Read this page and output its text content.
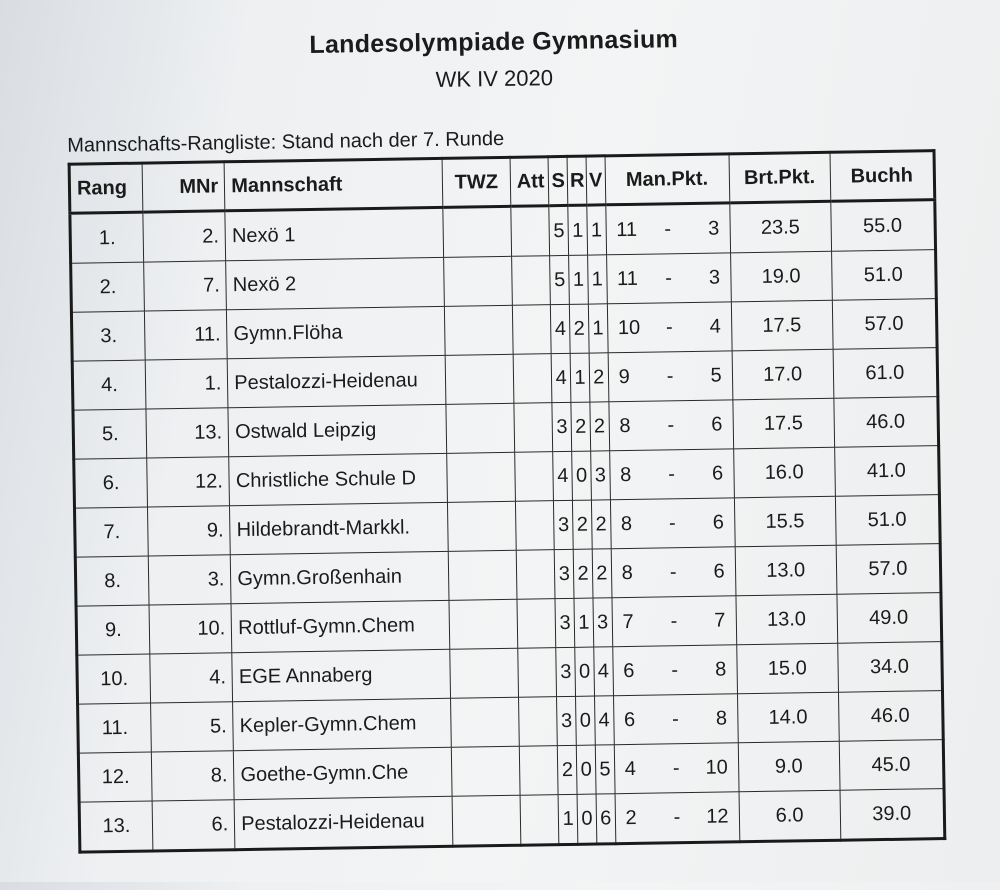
Landesolympiade Gymnasium
WK IV 2020
Mannschafts-Rangliste: Stand nach der 7. Runde
Rang	MNr	Mannschaft	TWZ	Att	S	R	V	Man.Pkt.	Brt.Pkt.	Buchh
1.	2.	Nexö 1			5	1	1	11 - 3	23.5	55.0
2.	7.	Nexö 2			5	1	1	11 - 3	19.0	51.0
3.	11.	Gymn.Flöha			4	2	1	10 - 4	17.5	57.0
4.	1.	Pestalozzi-Heidenau			4	1	2	9 - 5	17.0	61.0
5.	13.	Ostwald Leipzig			3	2	2	8 - 6	17.5	46.0
6.	12.	Christliche Schule D			4	0	3	8 - 6	16.0	41.0
7.	9.	Hildebrandt-Markkl.			3	2	2	8 - 6	15.5	51.0
8.	3.	Gymn.Großenhain			3	2	2	8 - 6	13.0	57.0
9.	10.	Rottluf-Gymn.Chem			3	1	3	7 - 7	13.0	49.0
10.	4.	EGE Annaberg			3	0	4	6 - 8	15.0	34.0
11.	5.	Kepler-Gymn.Chem			3	0	4	6 - 8	14.0	46.0
12.	8.	Goethe-Gymn.Che			2	0	5	4 - 10	9.0	45.0
13.	6.	Pestalozzi-Heidenau			1	0	6	2 - 12	6.0	39.0
